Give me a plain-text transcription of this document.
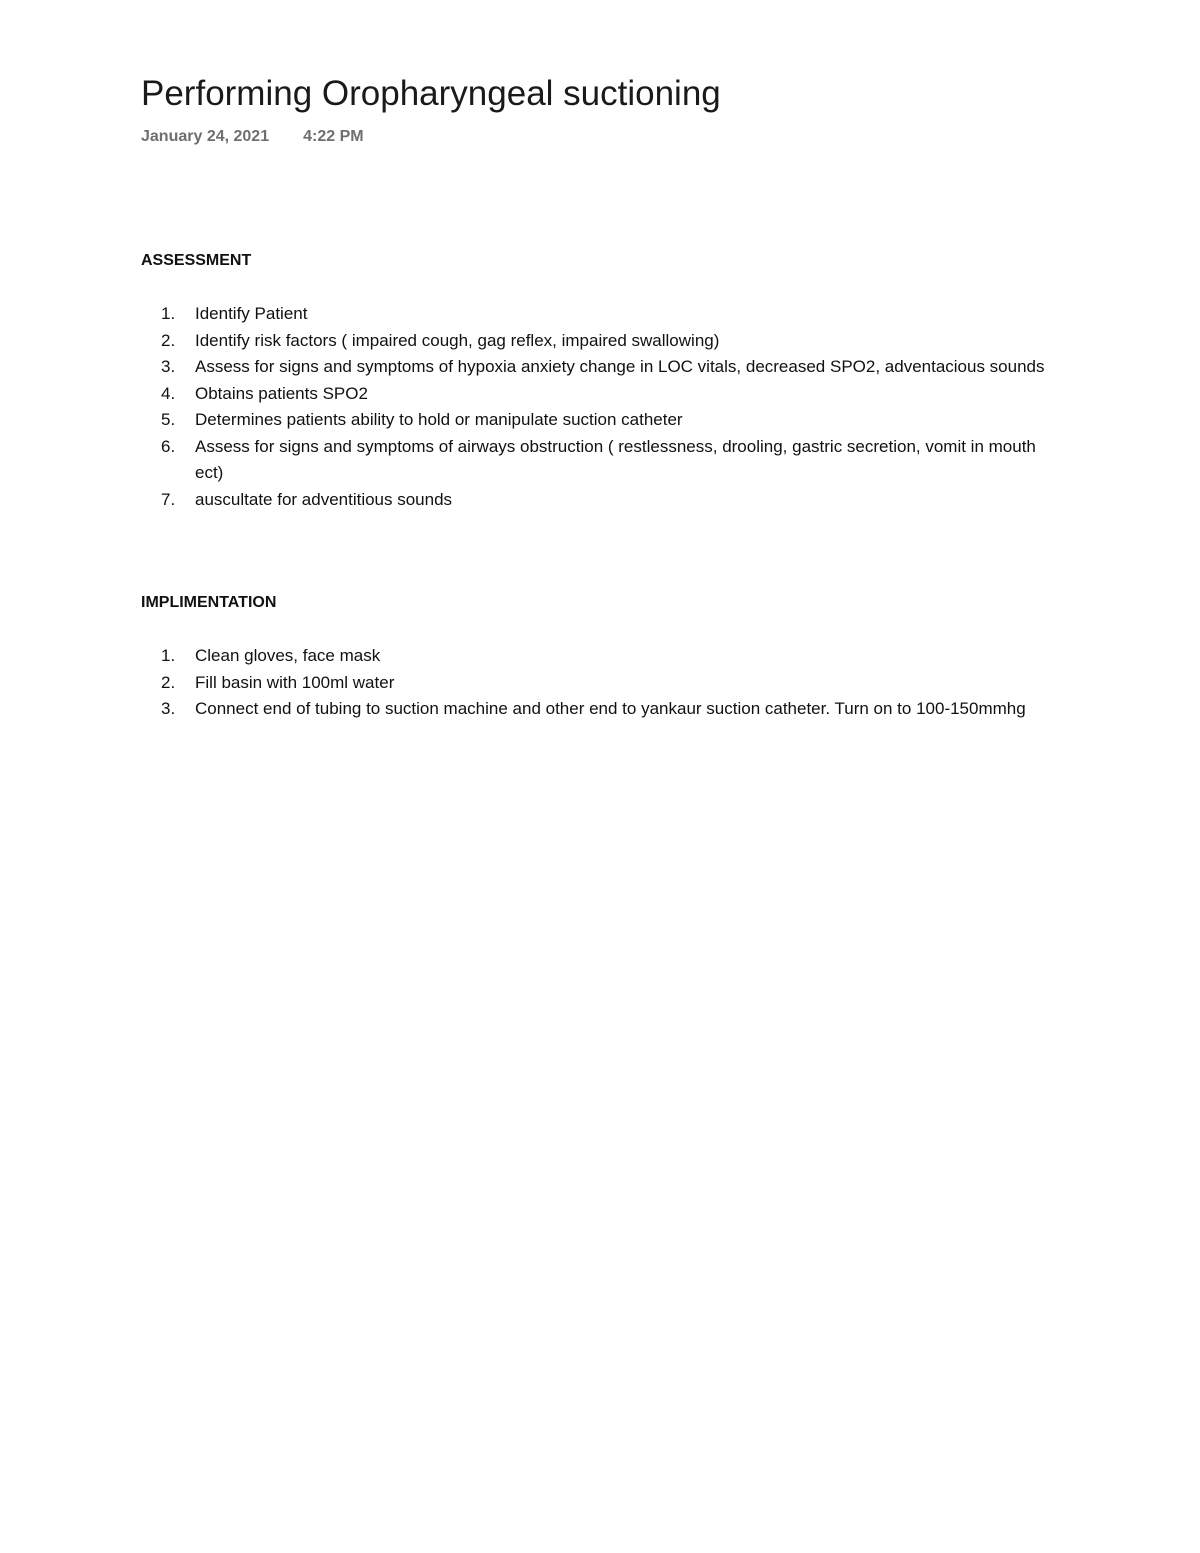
Performing Oropharyngeal suctioning
January 24, 2021 4:22 PM
ASSESSMENT
1. Identify Patient
2. Identify risk factors ( impaired cough, gag reflex, impaired swallowing)
3. Assess for signs and symptoms of hypoxia anxiety change in LOC vitals, decreased SPO2, adventacious sounds
4. Obtains patients SPO2
5. Determines patients ability to hold or manipulate suction catheter
6. Assess for signs and symptoms of airways obstruction ( restlessness, drooling, gastric secretion, vomit in mouth ect)
7. auscultate for adventitious sounds
IMPLIMENTATION
1. Clean gloves, face mask
2. Fill basin with 100ml water
3. Connect end of tubing to suction machine and other end to yankaur suction catheter. Turn on to 100-150mmhg
